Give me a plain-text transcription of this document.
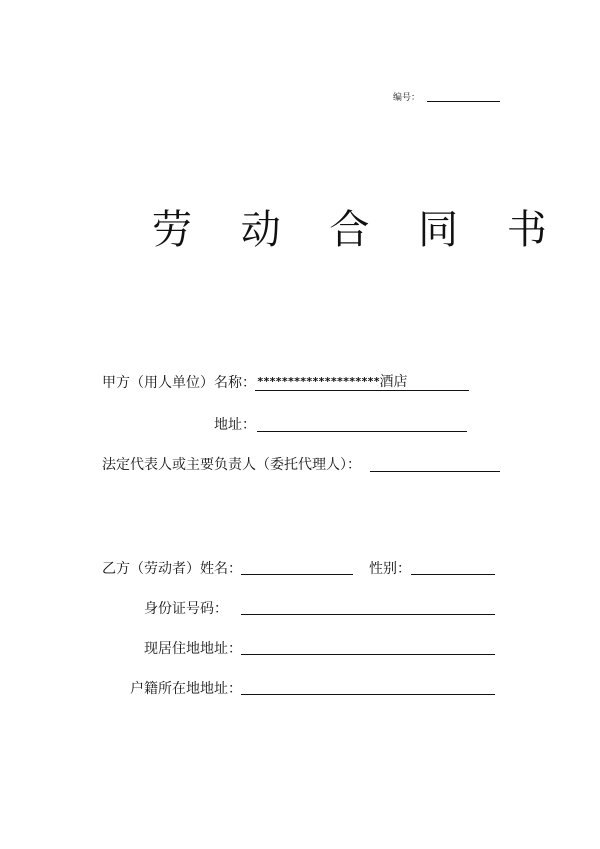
编号：
劳 动 合 同 书
甲方（用人单位）名称： ********************酒店
地址：
法定代表人或主要负责人（委托代理人）：
乙方（劳动者）姓名：	性别：
身份证号码：
现居住地地址：
户籍所在地地址：
